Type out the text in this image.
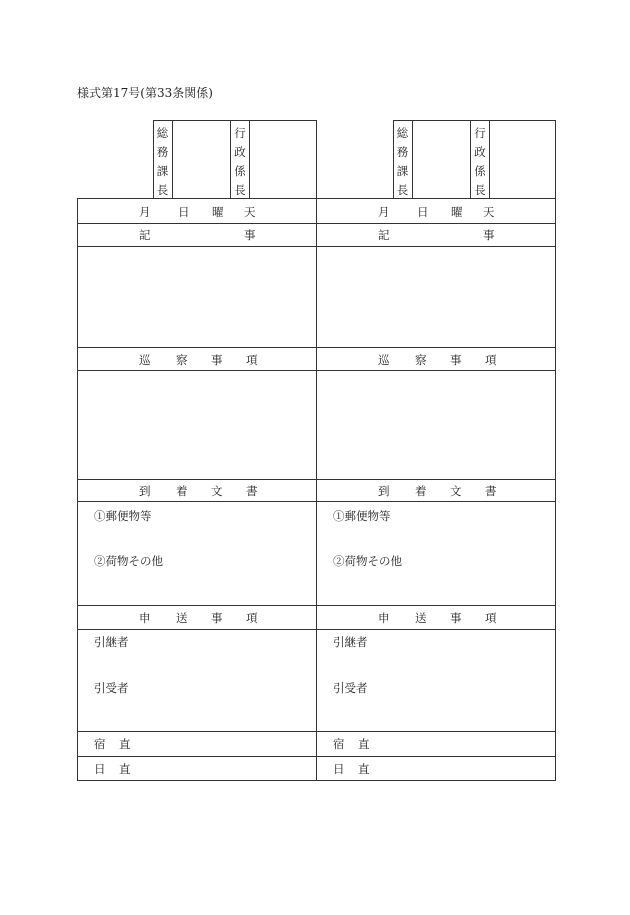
様式第17号(第33条関係)
総
務
課
長
行
政
係
長
総
務
課
長
行
政
係
長
月 日 曜 天
記	事
巡 察 事 項
到 着 文 書
①郵便物等
②荷物その他
申 送 事 項
引継者
引受者
宿 直
日 直
月 日 曜 天
記	事
巡 察 事 項
到 着 文 書
①郵便物等
②荷物その他
申 送 事 項
引継者
引受者
宿 直
日 直
